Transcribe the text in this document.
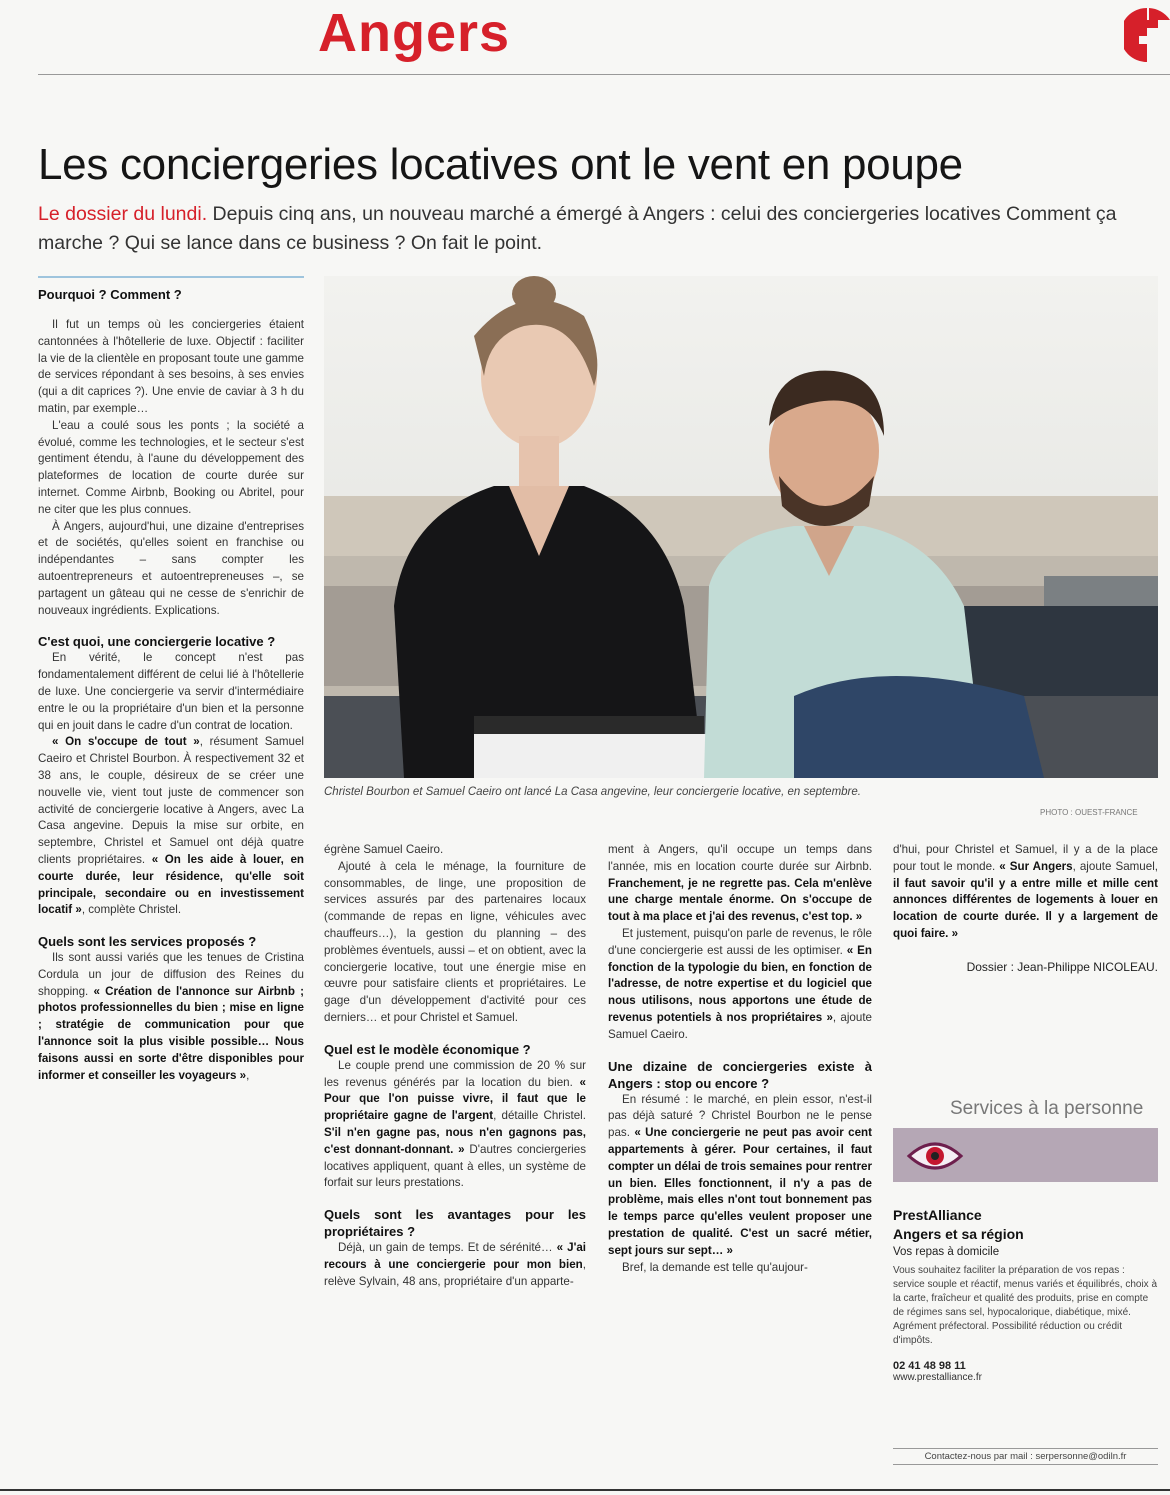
Angers
Les conciergeries locatives ont le vent en poupe
Le dossier du lundi. Depuis cinq ans, un nouveau marché a émergé à Angers : celui des conciergeries locatives Comment ça marche ? Qui se lance dans ce business ? On fait le point.
Christel Bourbon et Samuel Caeiro ont lancé La Casa angevine, leur conciergerie locative, en septembre.
PHOTO : OUEST-FRANCE
Pourquoi ? Comment ?

Il fut un temps où les conciergeries étaient cantonnées à l'hôtellerie de luxe. Objectif : faciliter la vie de la clientèle en proposant toute une gamme de services répondant à ses besoins, à ses envies (qui a dit caprices ?). Une envie de caviar à 3 h du matin, par exemple…

L'eau a coulé sous les ponts ; la société a évolué, comme les technologies, et le secteur s'est gentiment étendu, à l'aune du développement des plateformes de location de courte durée sur internet. Comme Airbnb, Booking ou Abritel, pour ne citer que les plus connues.

À Angers, aujourd'hui, une dizaine d'entreprises et de sociétés, qu'elles soient en franchise ou indépendantes – sans compter les autoentrepreneurs et autoentrepreneuses –, se partagent un gâteau qui ne cesse de s'enrichir de nouveaux ingrédients. Explications.

C'est quoi, une conciergerie locative ?

En vérité, le concept n'est pas fondamentalement différent de celui lié à l'hôtellerie de luxe. Une conciergerie va servir d'intermédiaire entre le ou la propriétaire d'un bien et la personne qui en jouit dans le cadre d'un contrat de location.

« On s'occupe de tout », résument Samuel Caeiro et Christel Bourbon. À respectivement 32 et 38 ans, le couple, désireux de se créer une nouvelle vie, vient tout juste de commencer son activité de conciergerie locative à Angers, avec La Casa angevine. Depuis la mise sur orbite, en septembre, Christel et Samuel ont déjà quatre clients propriétaires. « On les aide à louer, en courte durée, leur résidence, qu'elle soit principale, secondaire ou en investissement locatif », complète Christel.

Quels sont les services proposés ?

Ils sont aussi variés que les tenues de Cristina Cordula un jour de diffusion des Reines du shopping. « Création de l'annonce sur Airbnb ; photos professionnelles du bien ; mise en ligne ; stratégie de communication pour que l'annonce soit la plus visible possible… Nous faisons aussi en sorte d'être disponibles pour informer et conseiller les voyageurs »,

égrène Samuel Caeiro.

Ajouté à cela le ménage, la fourniture de consommables, de linge, une proposition de services assurés par des partenaires locaux (commande de repas en ligne, véhicules avec chauffeurs…), la gestion du planning – des problèmes éventuels, aussi – et on obtient, avec la conciergerie locative, tout une énergie mise en œuvre pour satisfaire clients et propriétaires. Le gage d'un développement d'activité pour ces derniers… et pour Christel et Samuel.

Quel est le modèle économique ?

Le couple prend une commission de 20 % sur les revenus générés par la location du bien. « Pour que l'on puisse vivre, il faut que le propriétaire gagne de l'argent, détaille Christel. S'il n'en gagne pas, nous n'en gagnons pas, c'est donnant-donnant. » D'autres conciergeries locatives appliquent, quant à elles, un système de forfait sur leurs prestations.

Quels sont les avantages pour les propriétaires ?

Déjà, un gain de temps. Et de sérénité… « J'ai recours à une conciergerie pour mon bien, relève Sylvain, 48 ans, propriétaire d'un apparte-

ment à Angers, qu'il occupe un temps dans l'année, mis en location courte durée sur Airbnb. Franchement, je ne regrette pas. Cela m'enlève une charge mentale énorme. On s'occupe de tout à ma place et j'ai des revenus, c'est top. »

Et justement, puisqu'on parle de revenus, le rôle d'une conciergerie est aussi de les optimiser. « En fonction de la typologie du bien, en fonction de l'adresse, de notre expertise et du logiciel que nous utilisons, nous apportons une étude de revenus potentiels à nos propriétaires », ajoute Samuel Caeiro.

Une dizaine de conciergeries existe à Angers : stop ou encore ?

En résumé : le marché, en plein essor, n'est-il pas déjà saturé ? Christel Bourbon ne le pense pas. « Une conciergerie ne peut pas avoir cent appartements à gérer. Pour certaines, il faut compter un délai de trois semaines pour rentrer un bien. Elles fonctionnent, il n'y a pas de problème, mais elles n'ont tout bonnement pas le temps parce qu'elles veulent proposer une prestation de qualité. C'est un sacré métier, sept jours sur sept… »

Bref, la demande est telle qu'aujour-

d'hui, pour Christel et Samuel, il y a de la place pour tout le monde. « Sur Angers, ajoute Samuel, il faut savoir qu'il y a entre mille et mille cent annonces différentes de logements à louer en location de courte durée. Il y a largement de quoi faire. »

Dossier : Jean-Philippe NICOLEAU.
Services à la personne
PrestAlliance
Angers et sa région
Vos repas à domicile
Vous souhaitez faciliter la préparation de vos repas : service souple et réactif, menus variés et équilibrés, choix à la carte, fraîcheur et qualité des produits, prise en compte de régimes sans sel, hypocalorique, diabétique, mixé. Agrément préfectoral. Possibilité réduction ou crédit d'impôts.
02 41 48 98 11
www.prestalliance.fr
Contactez-nous par mail : serpersonne@odiln.fr
